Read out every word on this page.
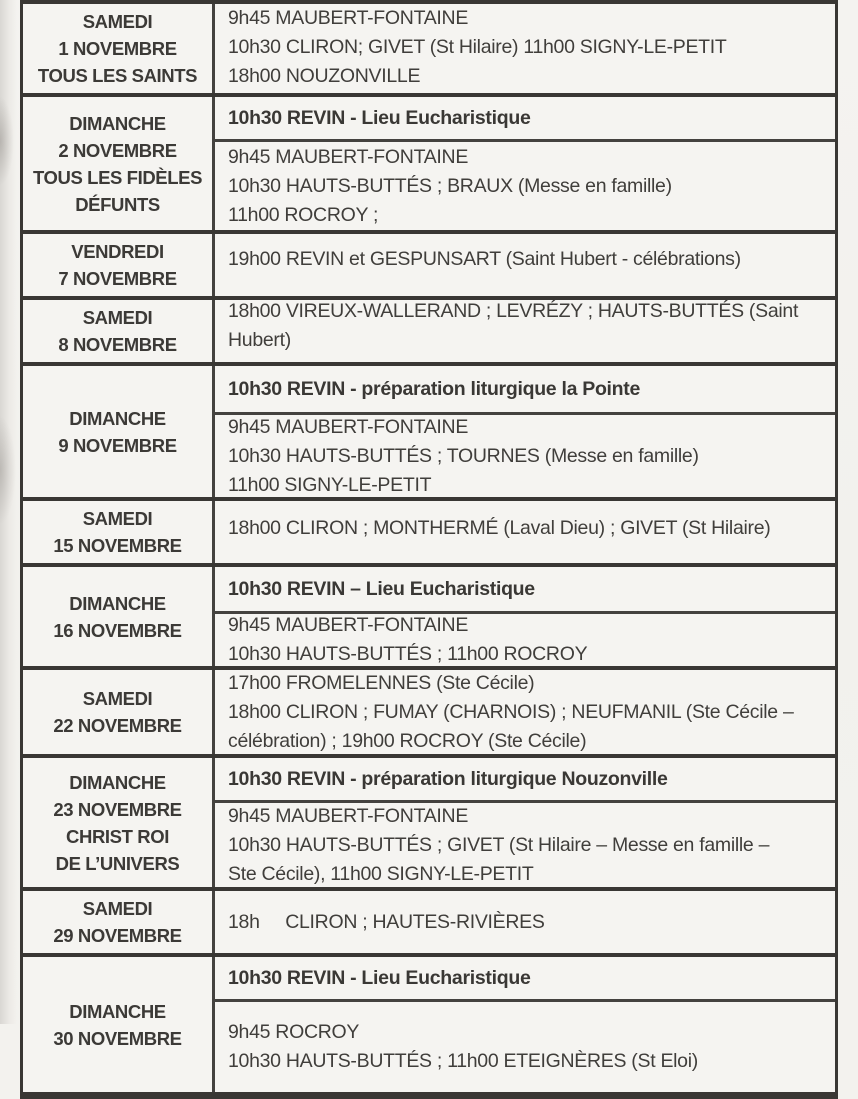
SAMEDI
1 NOVEMBRE
TOUS LES SAINTS
9h45 MAUBERT-FONTAINE
10h30 CLIRON; GIVET (St Hilaire) 11h00 SIGNY-LE-PETIT
18h00 NOUZONVILLE
DIMANCHE
2 NOVEMBRE
TOUS LES FIDÈLES
DÉFUNTS
10h30 REVIN - Lieu Eucharistique
9h45 MAUBERT-FONTAINE
10h30 HAUTS-BUTTÉS ; BRAUX (Messe en famille)
11h00 ROCROY ;
VENDREDI
7 NOVEMBRE
19h00 REVIN et GESPUNSART (Saint Hubert - célébrations)
SAMEDI
8 NOVEMBRE
18h00 VIREUX-WALLERAND ; LEVRÉZY ; HAUTS-BUTTÉS (Saint
Hubert)
DIMANCHE
9 NOVEMBRE
10h30 REVIN - préparation liturgique la Pointe
9h45 MAUBERT-FONTAINE
10h30 HAUTS-BUTTÉS ; TOURNES (Messe en famille)
11h00 SIGNY-LE-PETIT
SAMEDI
15 NOVEMBRE
18h00 CLIRON ; MONTHERMÉ (Laval Dieu) ; GIVET (St Hilaire)
DIMANCHE
16 NOVEMBRE
10h30 REVIN – Lieu Eucharistique
9h45 MAUBERT-FONTAINE
10h30 HAUTS-BUTTÉS ; 11h00 ROCROY
SAMEDI
22 NOVEMBRE
17h00 FROMELENNES (Ste Cécile)
18h00 CLIRON ; FUMAY (CHARNOIS) ; NEUFMANIL (Ste Cécile –
célébration) ; 19h00 ROCROY (Ste Cécile)
DIMANCHE
23 NOVEMBRE
CHRIST ROI
DE L’UNIVERS
10h30 REVIN - préparation liturgique Nouzonville
9h45 MAUBERT-FONTAINE
10h30 HAUTS-BUTTÉS ; GIVET (St Hilaire – Messe en famille –
Ste Cécile), 11h00 SIGNY-LE-PETIT
SAMEDI
29 NOVEMBRE
18h     CLIRON ; HAUTES-RIVIÈRES
DIMANCHE
30 NOVEMBRE
10h30 REVIN - Lieu Eucharistique
9h45 ROCROY
10h30 HAUTS-BUTTÉS ; 11h00 ETEIGNÈRES (St Eloi)
